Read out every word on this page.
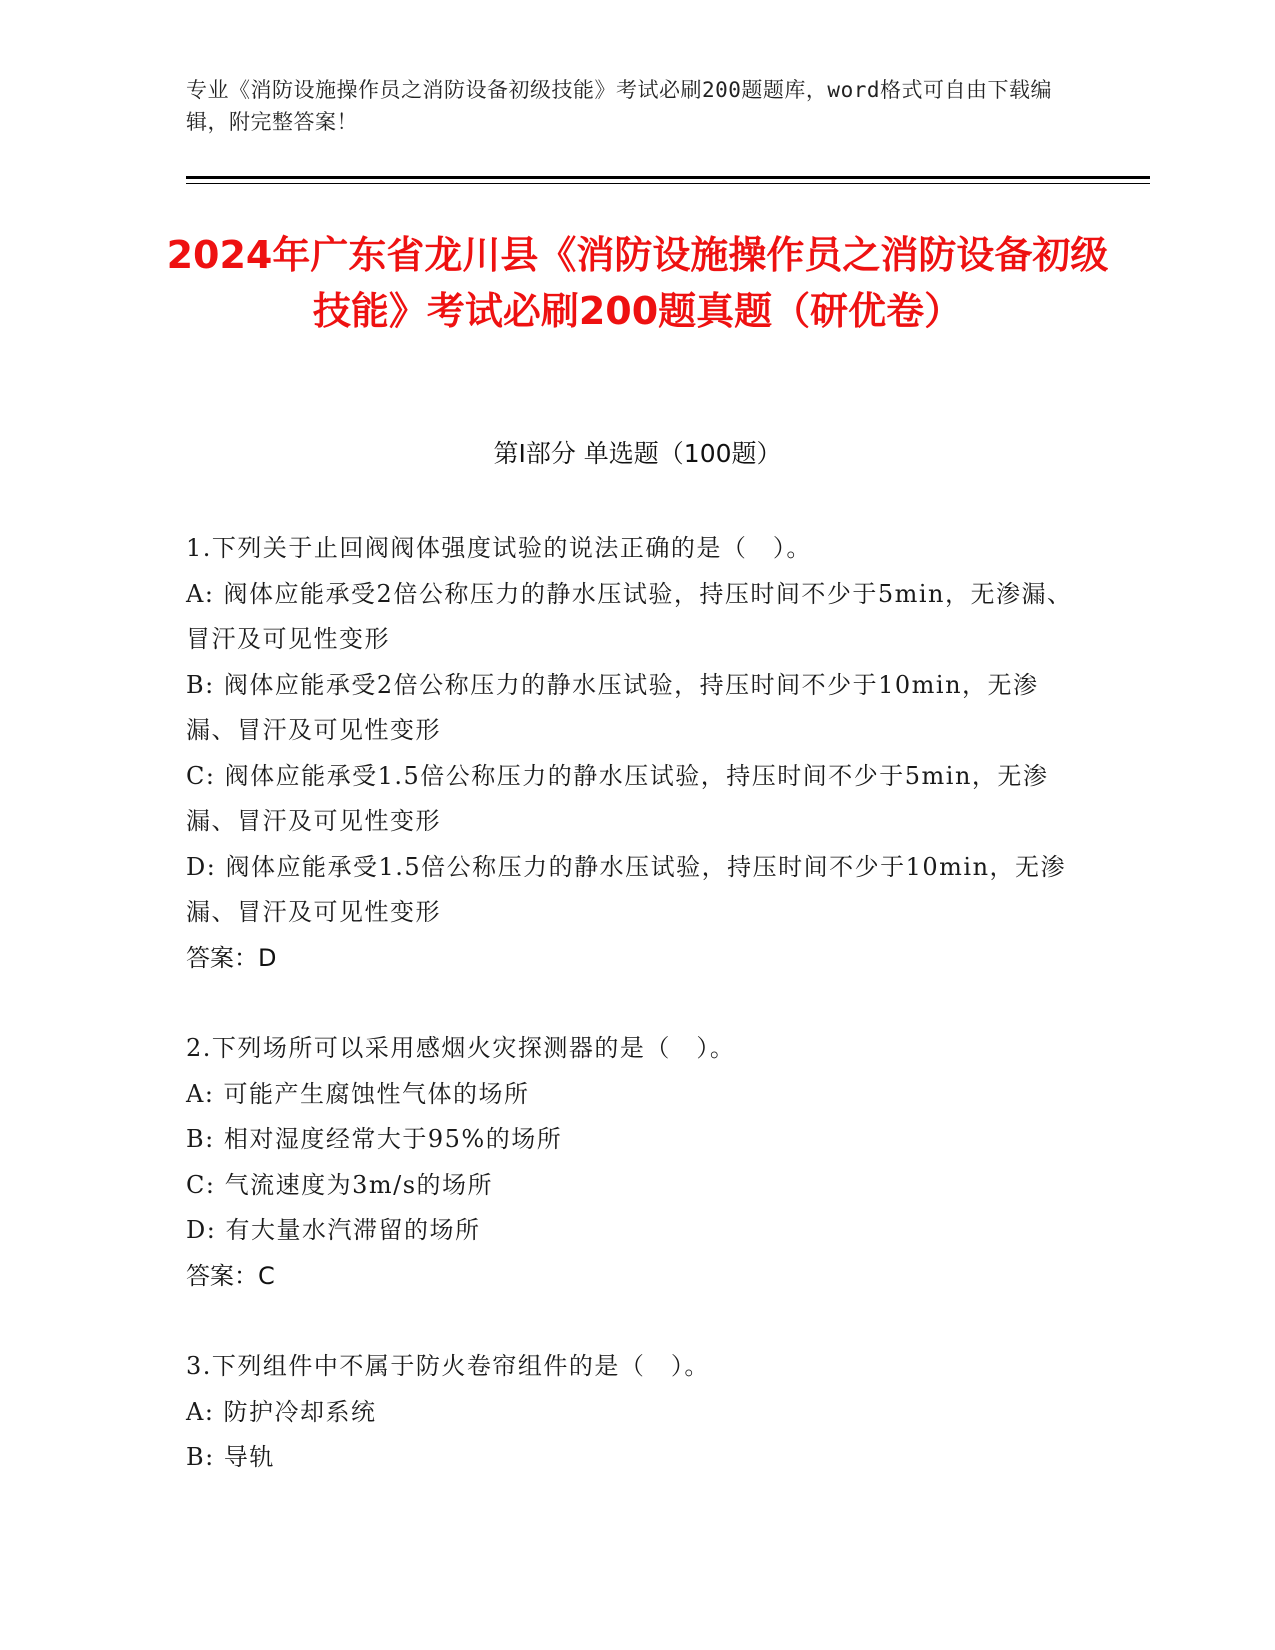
专业《消防设施操作员之消防设备初级技能》考试必刷200题题库，word格式可自由下载编辑，附完整答案！
2024年广东省龙川县《消防设施操作员之消防设备初级技能》考试必刷200题真题（研优卷）
第Ⅰ部分 单选题（100题）
1.下列关于止回阀阀体强度试验的说法正确的是（　）。
A: 阀体应能承受2倍公称压力的静水压试验，持压时间不少于5min，无渗漏、冒汗及可见性变形
B: 阀体应能承受2倍公称压力的静水压试验，持压时间不少于10min，无渗漏、冒汗及可见性变形
C: 阀体应能承受1.5倍公称压力的静水压试验，持压时间不少于5min，无渗漏、冒汗及可见性变形
D: 阀体应能承受1.5倍公称压力的静水压试验，持压时间不少于10min，无渗漏、冒汗及可见性变形
答案：D
2.下列场所可以采用感烟火灾探测器的是（　）。
A: 可能产生腐蚀性气体的场所
B: 相对湿度经常大于95%的场所
C: 气流速度为3m/s的场所
D: 有大量水汽滞留的场所
答案：C
3.下列组件中不属于防火卷帘组件的是（　）。
A: 防护冷却系统
B: 导轨
